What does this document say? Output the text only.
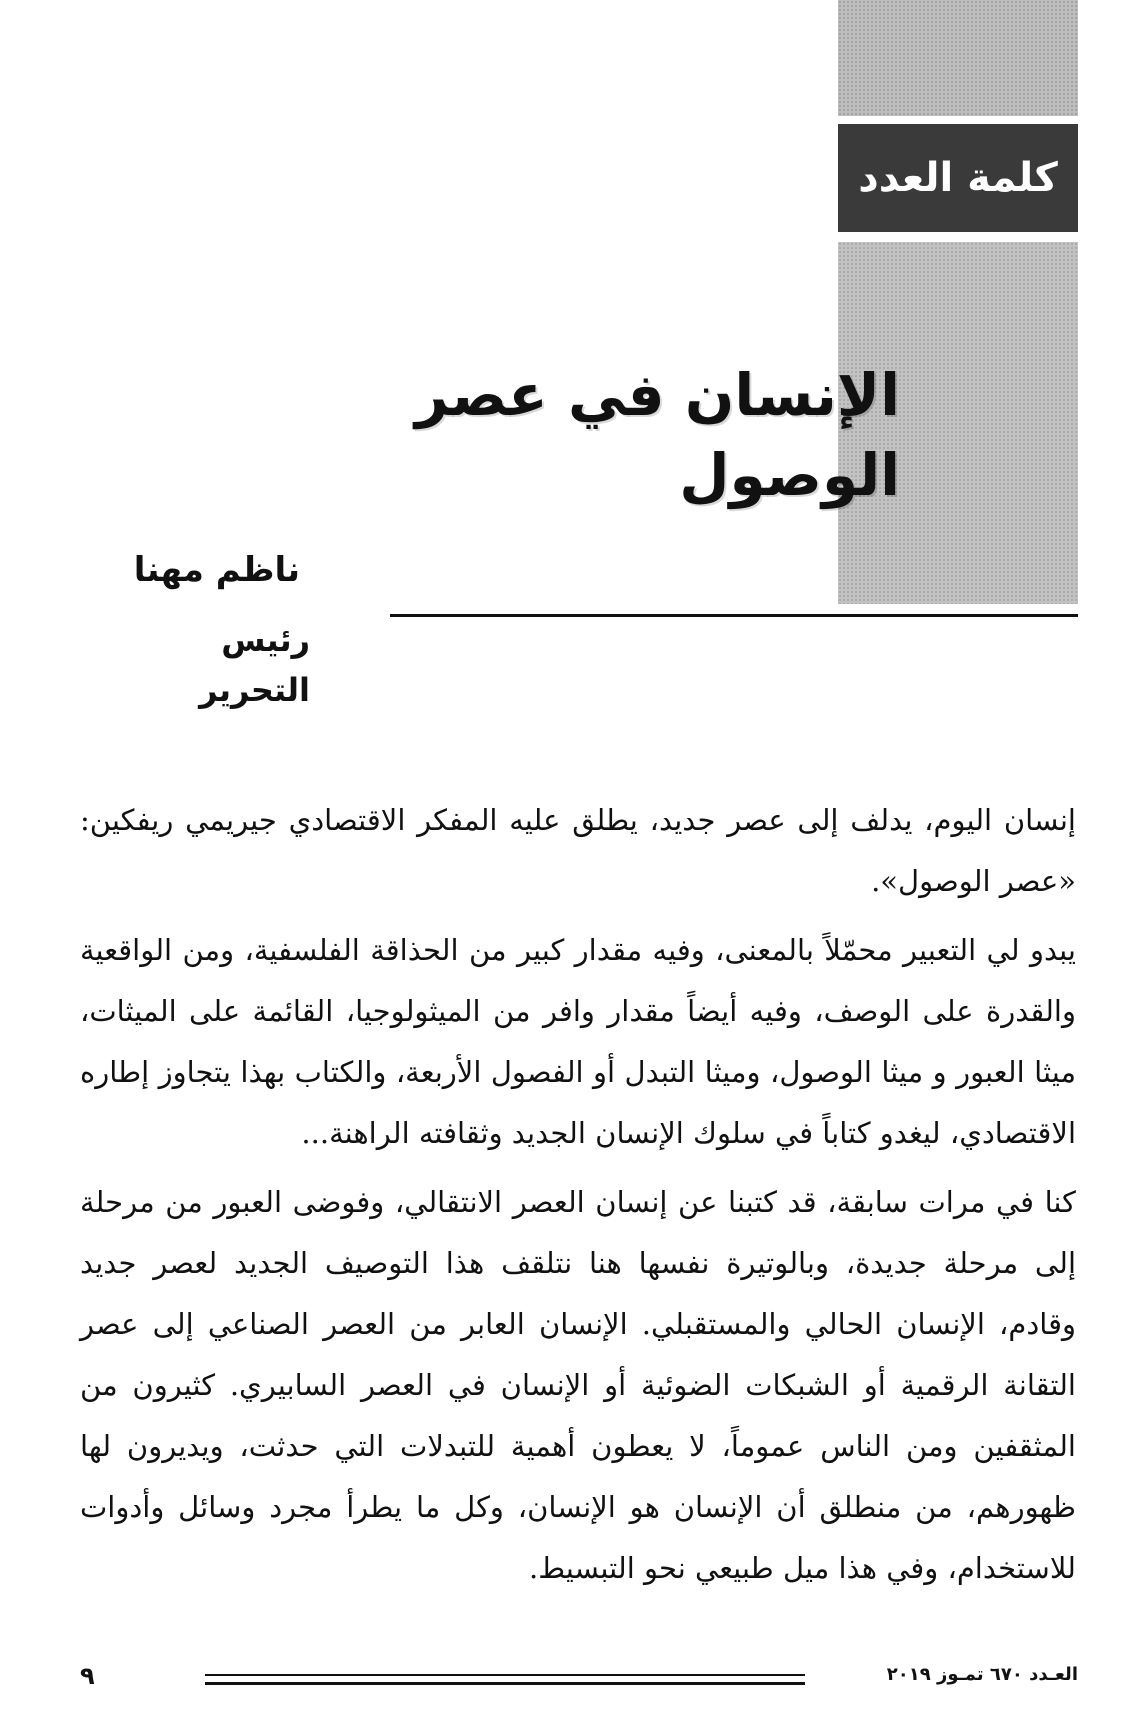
كلمة العدد
الإنسان في عصر الوصول
ناظم مهنا
رئيس التحرير

إنسان اليوم، يدلف إلى عصر جديد، يطلق عليه المفكر الاقتصادي جيريمي ريفكين: «عصر الوصول».

يبدو لي التعبير محمّلاً بالمعنى، وفيه مقدار كبير من الحذاقة الفلسفية، ومن الواقعية والقدرة على الوصف، وفيه أيضاً مقدار وافر من الميثولوجيا، القائمة على الميثات، ميثا العبور و ميثا الوصول، وميثا التبدل أو الفصول الأربعة، والكتاب بهذا يتجاوز إطاره الاقتصادي، ليغدو كتاباً في سلوك الإنسان الجديد وثقافته الراهنة...

كنا في مرات سابقة، قد كتبنا عن إنسان العصر الانتقالي، وفوضى العبور من مرحلة إلى مرحلة جديدة، وبالوتيرة نفسها هنا نتلقف هذا التوصيف الجديد لعصر جديد وقادم، الإنسان الحالي والمستقبلي. الإنسان العابر من العصر الصناعي إلى عصر التقانة الرقمية أو الشبكات الضوئية أو الإنسان في العصر السابيري. كثيرون من المثقفين ومن الناس عموماً، لا يعطون أهمية للتبدلات التي حدثت، ويديرون لها ظهورهم، من منطلق أن الإنسان هو الإنسان، وكل ما يطرأ مجرد وسائل وأدوات للاستخدام، وفي هذا ميل طبيعي نحو التبسيط.

٩	العـدد ٦٧٠ تمـوز ٢٠١٩
